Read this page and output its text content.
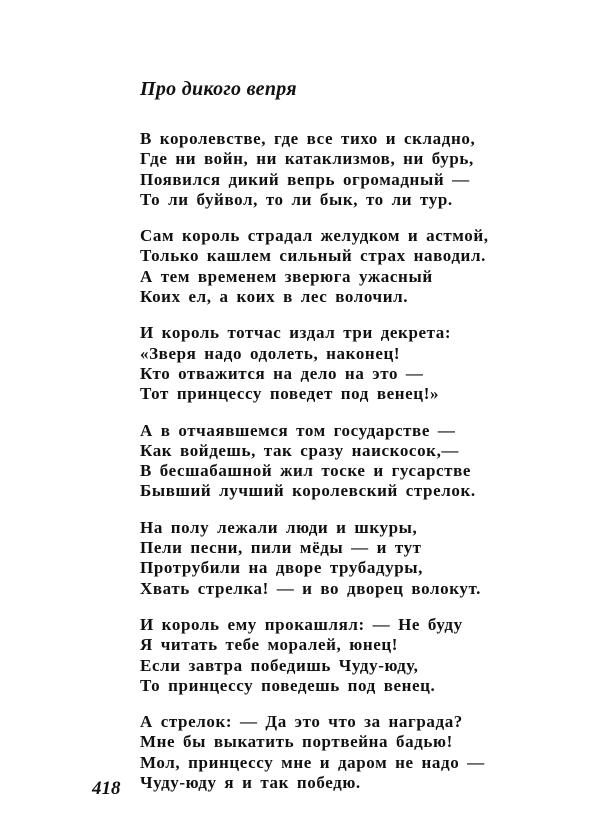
Про дикого вепря
В королевстве, где все тихо и складно,
Где ни войн, ни катаклизмов, ни бурь,
Появился дикий вепрь огромадный —
То ли буйвол, то ли бык, то ли тур.
Сам король страдал желудком и астмой,
Только кашлем сильный страх наводил.
А тем временем зверюга ужасный
Коих ел, а коих в лес волочил.
И король тотчас издал три декрета:
«Зверя надо одолеть, наконец!
Кто отважится на дело на это —
Тот принцессу поведет под венец!»
А в отчаявшемся том государстве —
Как войдешь, так сразу наискосок,—
В бесшабашной жил тоске и гусарстве
Бывший лучший королевский стрелок.
На полу лежали люди и шкуры,
Пели песни, пили мёды — и тут
Протрубили на дворе трубадуры,
Хвать стрелка! — и во дворец волокут.
И король ему прокашлял: — Не буду
Я читать тебе моралей, юнец!
Если завтра победишь Чуду-юду,
То принцессу поведешь под венец.
А стрелок: — Да это что за награда?
Мне бы выкатить портвейна бадью!
Мол, принцессу мне и даром не надо —
Чуду-юду я и так победю.
418
